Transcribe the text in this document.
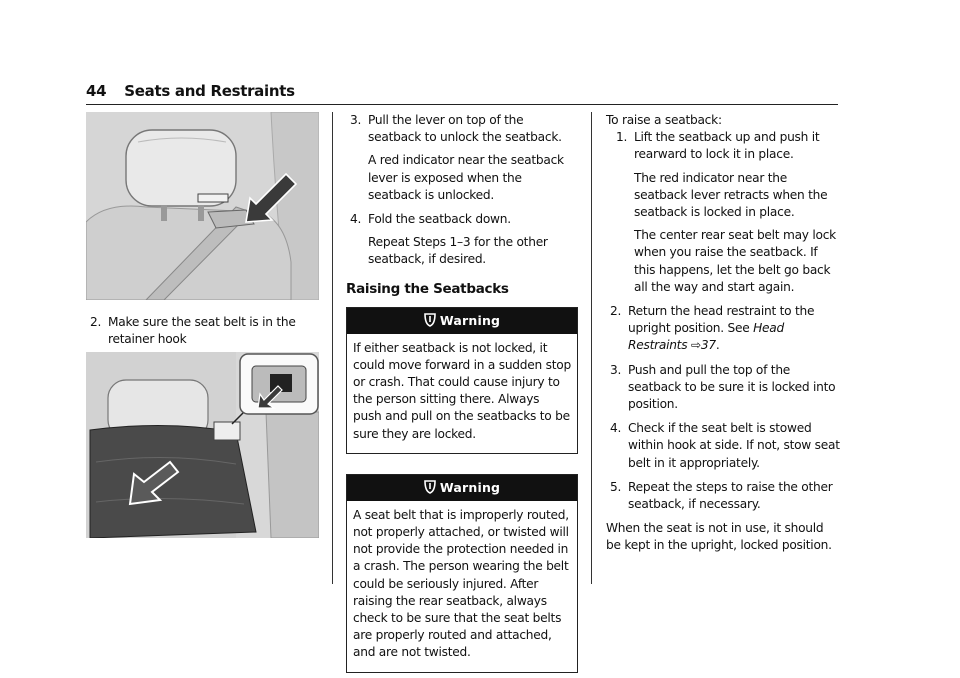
44 Seats and Restraints

2. Make sure the seat belt is in the retainer hook

3. Pull the lever on top of the seatback to unlock the seatback.

A red indicator near the seatback lever is exposed when the seatback is unlocked.

4. Fold the seatback down.

Repeat Steps 1–3 for the other seatback, if desired.

Raising the Seatbacks
Warning
If either seatback is not locked, it could move forward in a sudden stop or crash. That could cause injury to the person sitting there. Always push and pull on the seatbacks to be sure they are locked.
Warning
A seat belt that is improperly routed, not properly attached, or twisted will not provide the protection needed in a crash. The person wearing the belt could be seriously injured. After raising the rear seatback, always check to be sure that the seat belts are properly routed and attached, and are not twisted.

To raise a seatback:

1. Lift the seatback up and push it rearward to lock it in place.

The red indicator near the seatback lever retracts when the seatback is locked in place.

The center rear seat belt may lock when you raise the seatback. If this happens, let the belt go back all the way and start again.

2. Return the head restraint to the upright position. See Head Restraints ⇨37.

3. Push and pull the top of the seatback to be sure it is locked into position.

4. Check if the seat belt is stowed within hook at side. If not, stow seat belt in it appropriately.

5. Repeat the steps to raise the other seatback, if necessary.

When the seat is not in use, it should be kept in the upright, locked position.
